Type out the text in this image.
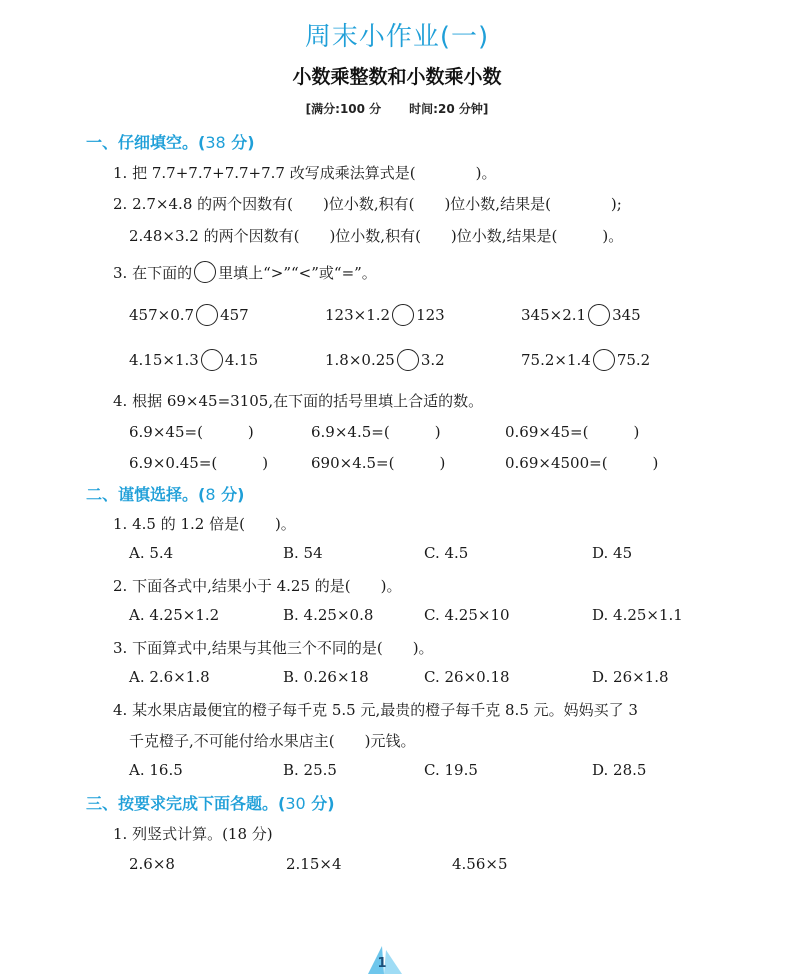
周末小作业(一)
小数乘整数和小数乘小数
[满分:100 分 时间:20 分钟]
一、仔细填空。(38 分)
1. 把 7.7+7.7+7.7+7.7 改写成乘法算式是(　　　　)。
2. 2.7×4.8 的两个因数有(　　)位小数,积有(　　)位小数,结果是(　　　　);
2.48×3.2 的两个因数有(　　)位小数,积有(　　)位小数,结果是(　　　)。
3. 在下面的 里填上“>”“<”或“=”。
457×0.7 457	123×1.2 123	345×2.1 345
4.15×1.3 4.15	1.8×0.25 3.2	75.2×1.4 75.2
4. 根据 69×45=3105,在下面的括号里填上合适的数。
6.9×45=(　　　)	6.9×4.5=(　　　)	0.69×45=(　　　)
6.9×0.45=(　　　)	690×4.5=(　　　)	0.69×4500=(　　　)
二、谨慎选择。(8 分)
1. 4.5 的 1.2 倍是(　　)。
A. 5.4	B. 54	C. 4.5	D. 45
2. 下面各式中,结果小于 4.25 的是(　　)。
A. 4.25×1.2	B. 4.25×0.8	C. 4.25×10	D. 4.25×1.1
3. 下面算式中,结果与其他三个不同的是(　　)。
A. 2.6×1.8	B. 0.26×18	C. 26×0.18	D. 26×1.8
4. 某水果店最便宜的橙子每千克 5.5 元,最贵的橙子每千克 8.5 元。妈妈买了 3
千克橙子,不可能付给水果店主(　　)元钱。
A. 16.5	B. 25.5	C. 19.5	D. 28.5
三、按要求完成下面各题。(30 分)
1. 列竖式计算。(18 分)
2.6×8	2.15×4	4.56×5
1
